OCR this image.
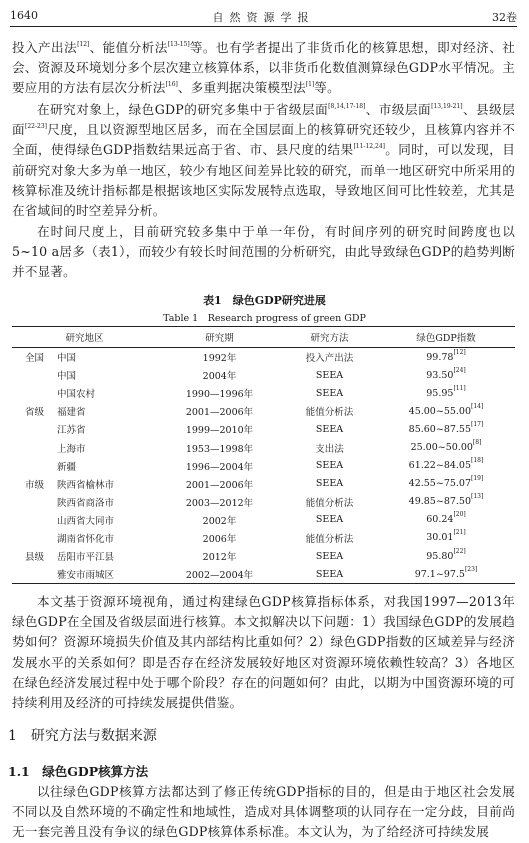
1640	自然资源学报	32卷

投入产出法[12]、能值分析法[13-15]等。也有学者提出了非货币化的核算思想，即对经济、社会、资源及环境划分多个层次建立核算体系，以非货币化数值测算绿色GDP水平情况。主要应用的方法有层次分析法[16]、多重判据决策模型法[1]等。

在研究对象上，绿色GDP的研究多集中于省级层面[8,14,17-18]、市级层面[13,19-21]、县级层面[22-23]尺度，且以资源型地区居多，而在全国层面上的核算研究还较少，且核算内容并不全面，使得绿色GDP指数结果远高于省、市、县尺度的结果[11-12,24]。同时，可以发现，目前研究对象大多为单一地区，较少有地区间差异比较的研究，而单一地区研究中所采用的核算标准及统计指标都是根据该地区实际发展特点选取，导致地区间可比性较差，尤其是在省域间的时空差异分析。

在时间尺度上，目前研究较多集中于单一年份，有时间序列的研究时间跨度也以5~10 a居多（表1），而较少有较长时间范围的分析研究，由此导致绿色GDP的趋势判断并不显著。

表1　绿色GDP研究进展
Table 1　Research progress of green GDP
研究地区		研究期	研究方法	绿色GDP指数
全国	中国	1992年	投入产出法	99.78[12]
	中国	2004年	SEEA	93.50[24]
	中国农村	1990—1996年	SEEA	95.95[11]
省级	福建省	2001—2006年	能值分析法	45.00~55.00[14]
	江苏省	1999—2010年	SEEA	85.60~87.55[17]
	上海市	1953—1998年	支出法	25.00~50.00[8]
	新疆	1996—2004年	SEEA	61.22~84.05[18]
市级	陕西省榆林市	2001—2006年	SEEA	42.55~75.07[19]
	陕西省商洛市	2003—2012年	能值分析法	49.85~87.50[13]
	山西省大同市	2002年	SEEA	60.24[20]
	湖南省怀化市	2006年	能值分析法	30.01[21]
县级	岳阳市平江县	2012年	SEEA	95.80[22]
	雅安市雨城区	2002—2004年	SEEA	97.1~97.5[23]

本文基于资源环境视角，通过构建绿色GDP核算指标体系，对我国1997—2013年绿色GDP在全国及省级层面进行核算。本文拟解决以下问题：1）我国绿色GDP的发展趋势如何？资源环境损失价值及其内部结构比重如何？2）绿色GDP指数的区域差异与经济发展水平的关系如何？即是否存在经济发展较好地区对资源环境依赖性较高？3）各地区在绿色经济发展过程中处于哪个阶段？存在的问题如何？由此，以期为中国资源环境的可持续利用及经济的可持续发展提供借鉴。

1　研究方法与数据来源
1.1　绿色GDP核算方法

以往绿色GDP核算方法都达到了修正传统GDP指标的目的，但是由于地区社会发展不同以及自然环境的不确定性和地域性，造成对具体调整项的认同存在一定分歧，目前尚无一套完善且没有争议的绿色GDP核算体系标准。本文认为，为了给经济可持续发展
